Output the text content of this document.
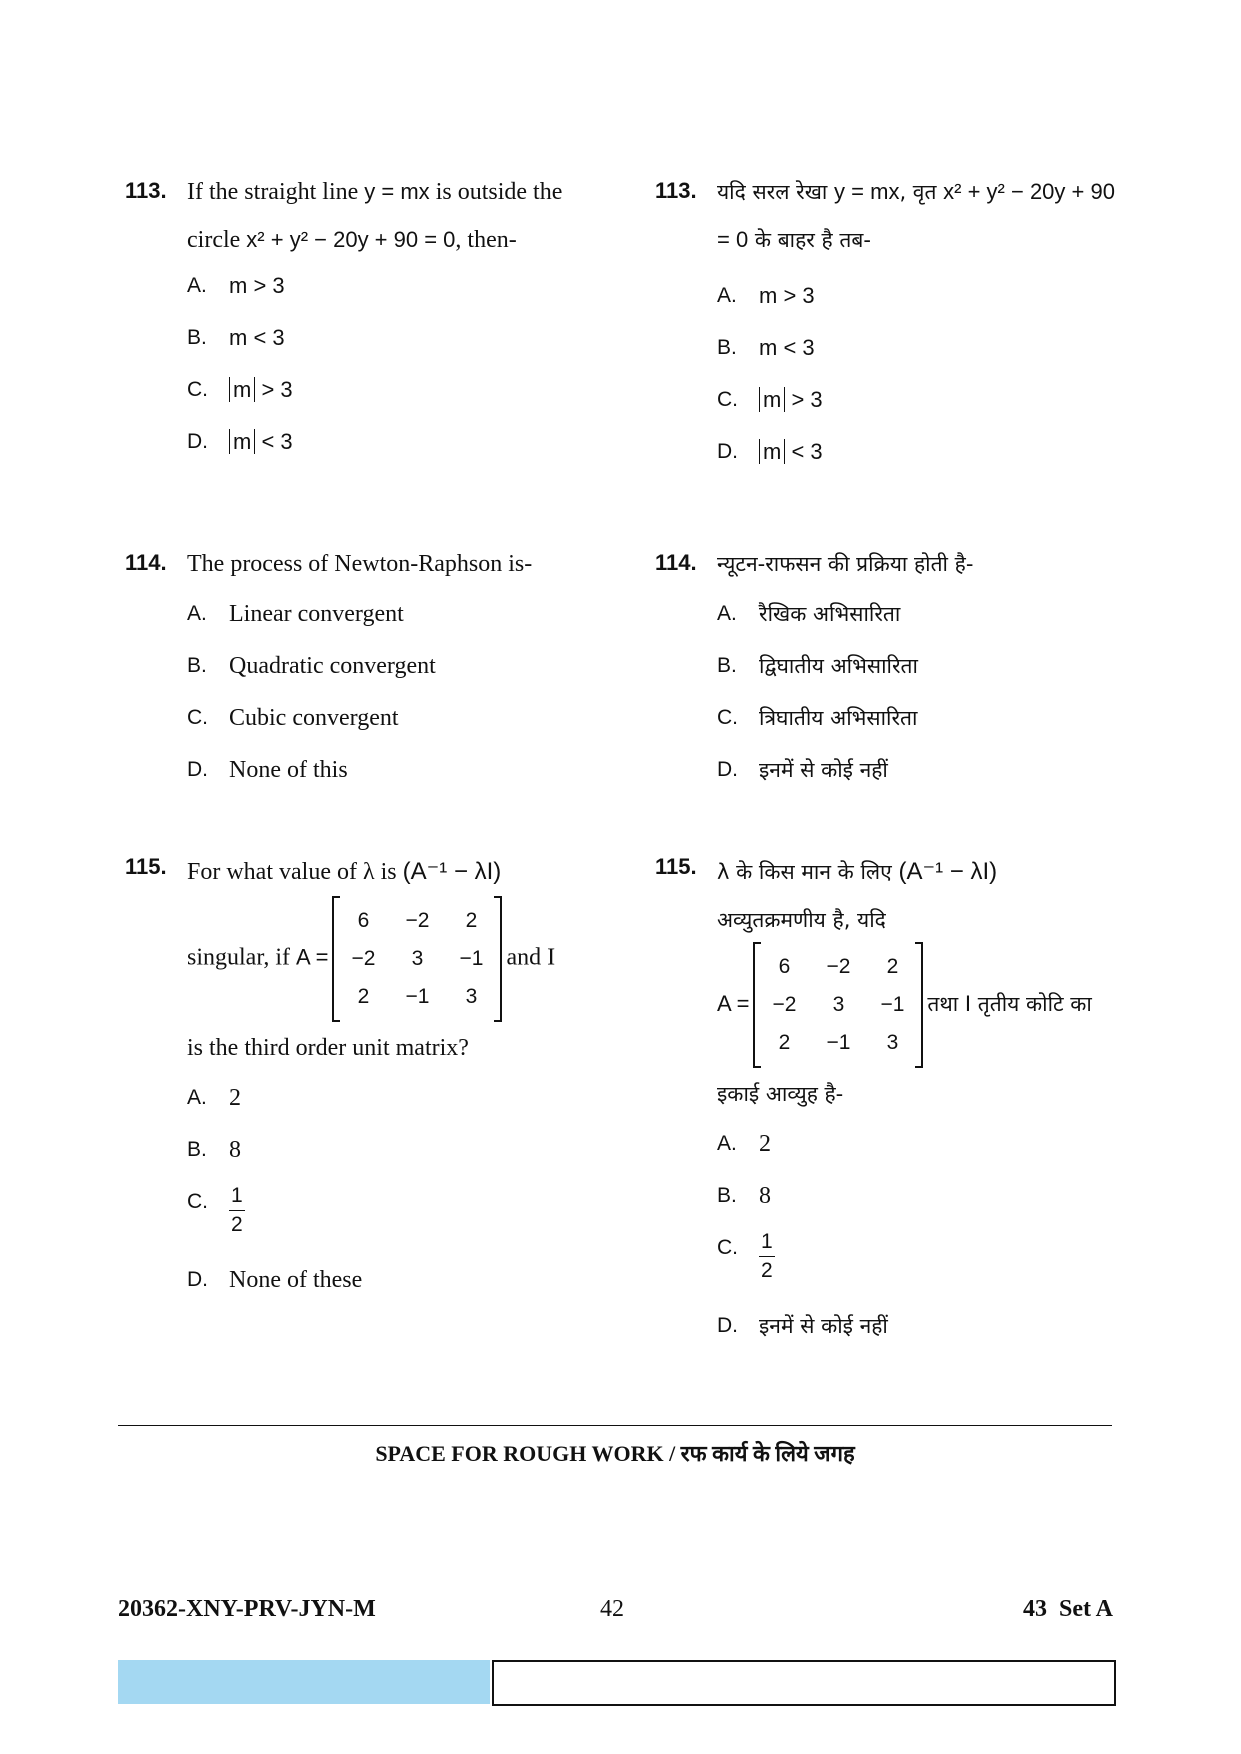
113. If the straight line y = mx is outside the circle x² + y² − 20y + 90 = 0, then-
A. m > 3
B. m < 3
C. m > 3
D. m < 3
114. The process of Newton-Raphson is-
A. Linear convergent
B. Quadratic convergent
C. Cubic convergent
D. None of this
115. For what value of λ is (A⁻¹ − λI)
singular, if A =
6	−2	2
−2	3	−1
2	−1	3
and I
is the third order unit matrix?
A. 2
B. 8
C. $\frac{1}{2}$
D. None of these
113. यदि सरल रेखा y = mx, वृत x² + y² − 20y + 90 = 0 के बाहर है तब-
A. m > 3
B. m < 3
C. m > 3
D. m < 3
114. न्यूटन-राफसन की प्रक्रिया होती है-
A. रैखिक अभिसारिता
B. द्विघातीय अभिसारिता
C. त्रिघातीय अभिसारिता
D. इनमें से कोई नहीं
115. λ के किस मान के लिए (A⁻¹ − λI)
अव्युतक्रमणीय है, यदि
A =
6	−2	2
−2	3	−1
2	−1	3
तथा I तृतीय कोटि का
इकाई आव्युह है-
A. 2
B. 8
C. $\frac{1}{2}$
D. इनमें से कोई नहीं
SPACE FOR ROUGH WORK / रफ कार्य के लिये जगह
20362-XNY-PRV-JYN-M	42	43  Set A
